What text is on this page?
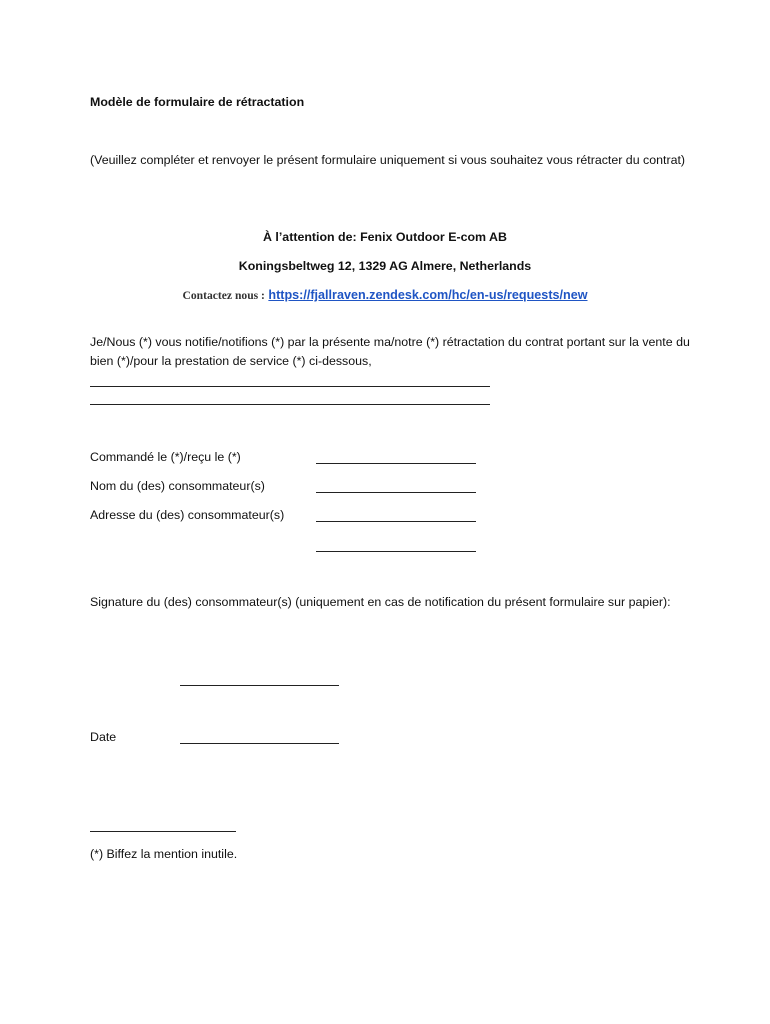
Modèle de formulaire de rétractation
(Veuillez compléter et renvoyer le présent formulaire uniquement si vous souhaitez vous rétracter du contrat)
À l’attention de: Fenix Outdoor E-com AB
Koningsbeltweg 12, 1329 AG Almere, Netherlands
Contactez nous : https://fjallraven.zendesk.com/hc/en-us/requests/new
Je/Nous (*) vous notifie/notifions (*) par la présente ma/notre (*) rétractation du contrat portant sur la vente du bien (*)/pour la prestation de service (*) ci-dessous,
Commandé le (*)/reçu le (*)
Nom du (des) consommateur(s)
Adresse du (des) consommateur(s)
Signature du (des) consommateur(s) (uniquement en cas de notification du présent formulaire sur papier):
Date
(*) Biffez la mention inutile.
